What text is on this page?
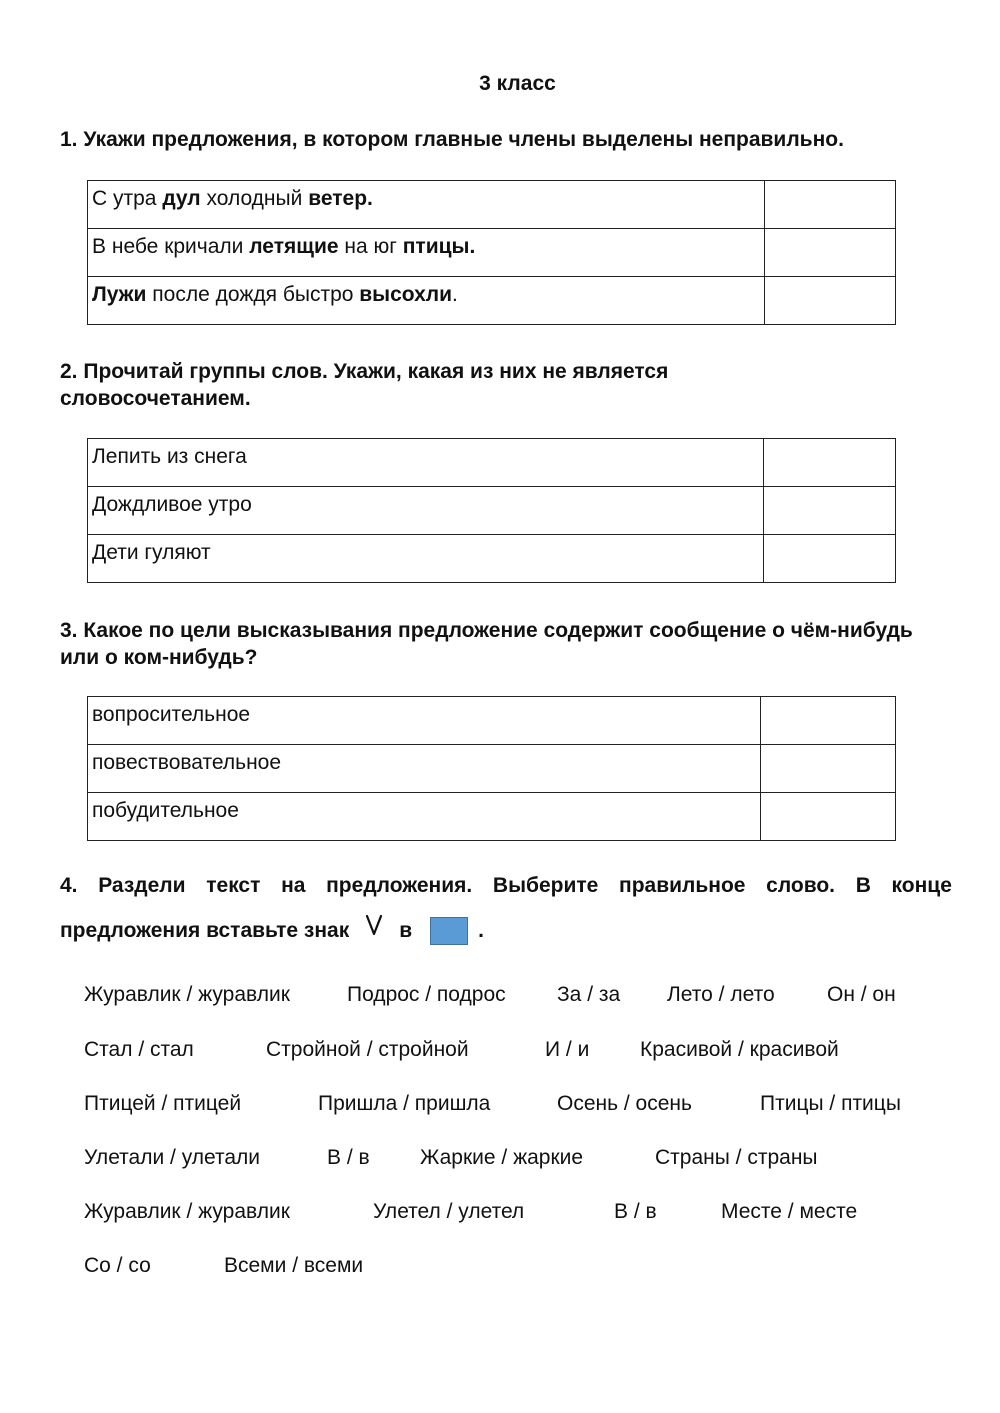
3 класс
1. Укажи предложения, в котором главные члены выделены неправильно.
С утра дул холодный ветер.	
В небе кричали летящие на юг птицы.	
Лужи после дождя быстро высохли.	
2. Прочитай группы слов. Укажи, какая из них не является словосочетанием.
Лепить из снега	
Дождливое утро	
Дети гуляют	
3. Какое по цели высказывания предложение содержит сообщение о чём-нибудь или о ком-нибудь?
вопросительное	
повествовательное	
побудительное	
4. Раздели текст на предложения. Выберите правильное слово. В конце
предложения вставьте знак в	.
Журавлик / журавлик	Подрос / подрос За / за Лето / лето Он / он
Стал / стал	Стройной / стройной	И / и Красивой / красивой
Птицей / птицей	Пришла / пришла	Осень / осень	Птицы / птицы
Улетали / улетали	В / в Жаркие / жаркие	Страны / страны
Журавлик / журавлик	Улетел / улетел	В / в	Месте / месте
Со / со	Всеми / всеми
